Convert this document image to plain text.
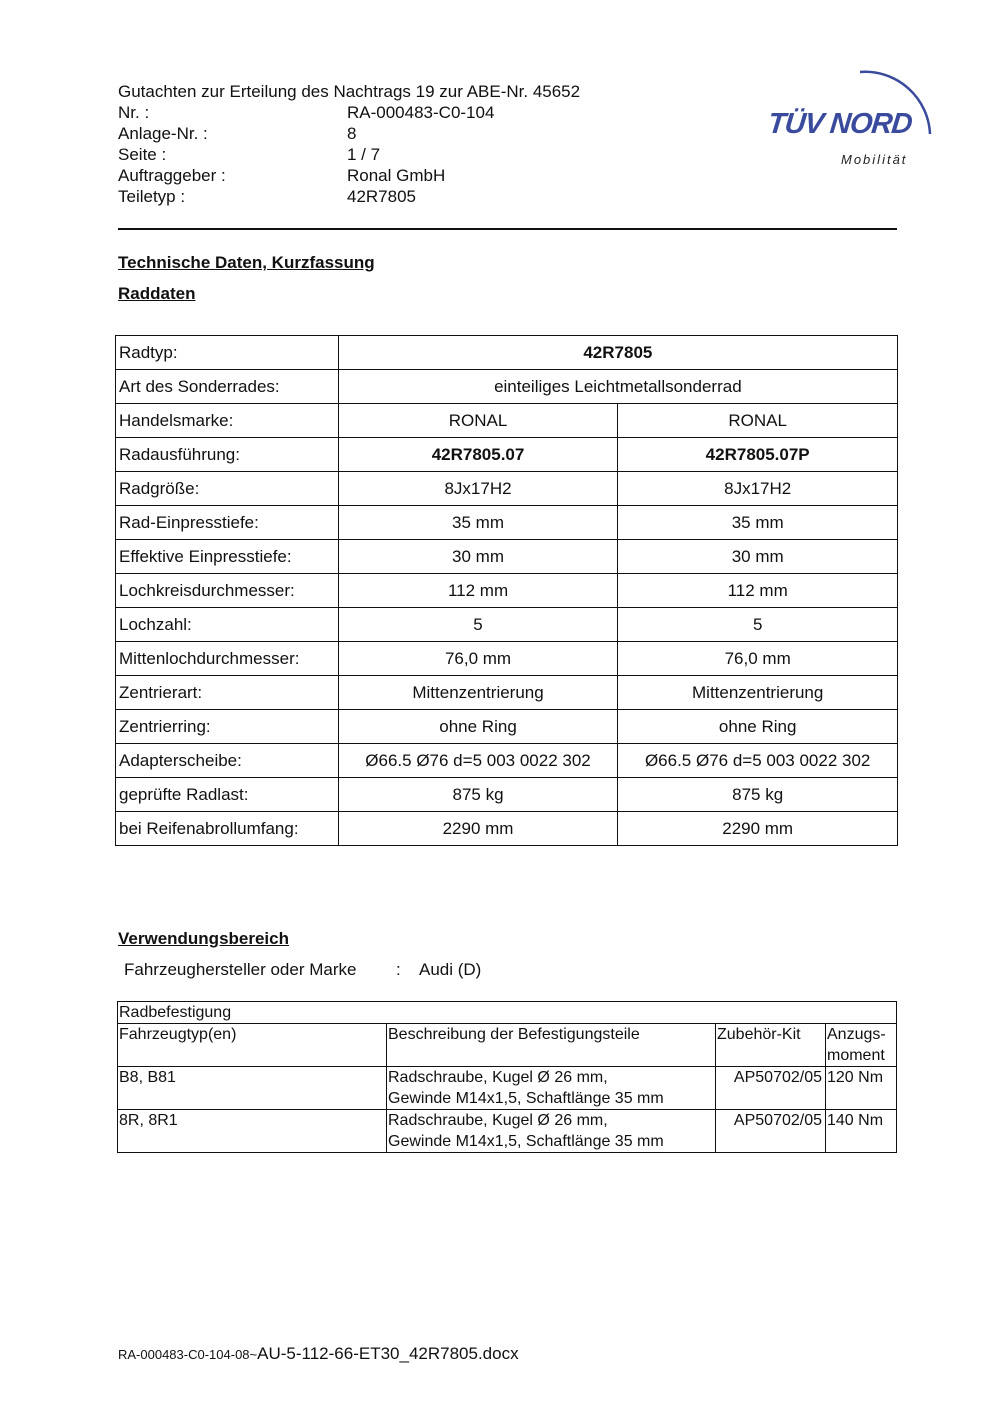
Gutachten zur Erteilung des Nachtrags 19 zur ABE-Nr. 45652
Nr. :	RA-000483-C0-104
Anlage-Nr. :	8
Seite :	1 / 7
Auftraggeber :	Ronal GmbH
Teiletyp :	42R7805
TÜV NORD
Mobilität
Technische Daten, Kurzfassung
Raddaten
Radtyp:	42R7805	
Art des Sonderrades:	einteiliges Leichtmetallsonderrad	
Handelsmarke:	RONAL	RONAL
Radausführung:	42R7805.07	42R7805.07P
Radgröße:	8Jx17H2	8Jx17H2
Rad-Einpresstiefe:	35 mm	35 mm
Effektive Einpresstiefe:	30 mm	30 mm
Lochkreisdurchmesser:	112 mm	112 mm
Lochzahl:	5	5
Mittenlochdurchmesser:	76,0 mm	76,0 mm
Zentrierart:	Mittenzentrierung	Mittenzentrierung
Zentrierring:	ohne Ring	ohne Ring
Adapterscheibe:	Ø66.5 Ø76 d=5 003 0022 302	Ø66.5 Ø76 d=5 003 0022 302
geprüfte Radlast:	875 kg	875 kg
bei Reifenabrollumfang:	2290 mm	2290 mm
Verwendungsbereich
Fahrzeughersteller oder Marke : Audi (D)
Radbefestigung			
Fahrzeugtyp(en)	Beschreibung der Befestigungsteile	Zubehör-Kit	Anzugs-
moment
B8, B81	Radschraube, Kugel Ø 26 mm,
Gewinde M14x1,5, Schaftlänge 35 mm	AP50702/05	120 Nm
8R, 8R1	Radschraube, Kugel Ø 26 mm,
Gewinde M14x1,5, Schaftlänge 35 mm	AP50702/05	140 Nm
RA-000483-C0-104-08~AU-5-112-66-ET30_42R7805.docx
